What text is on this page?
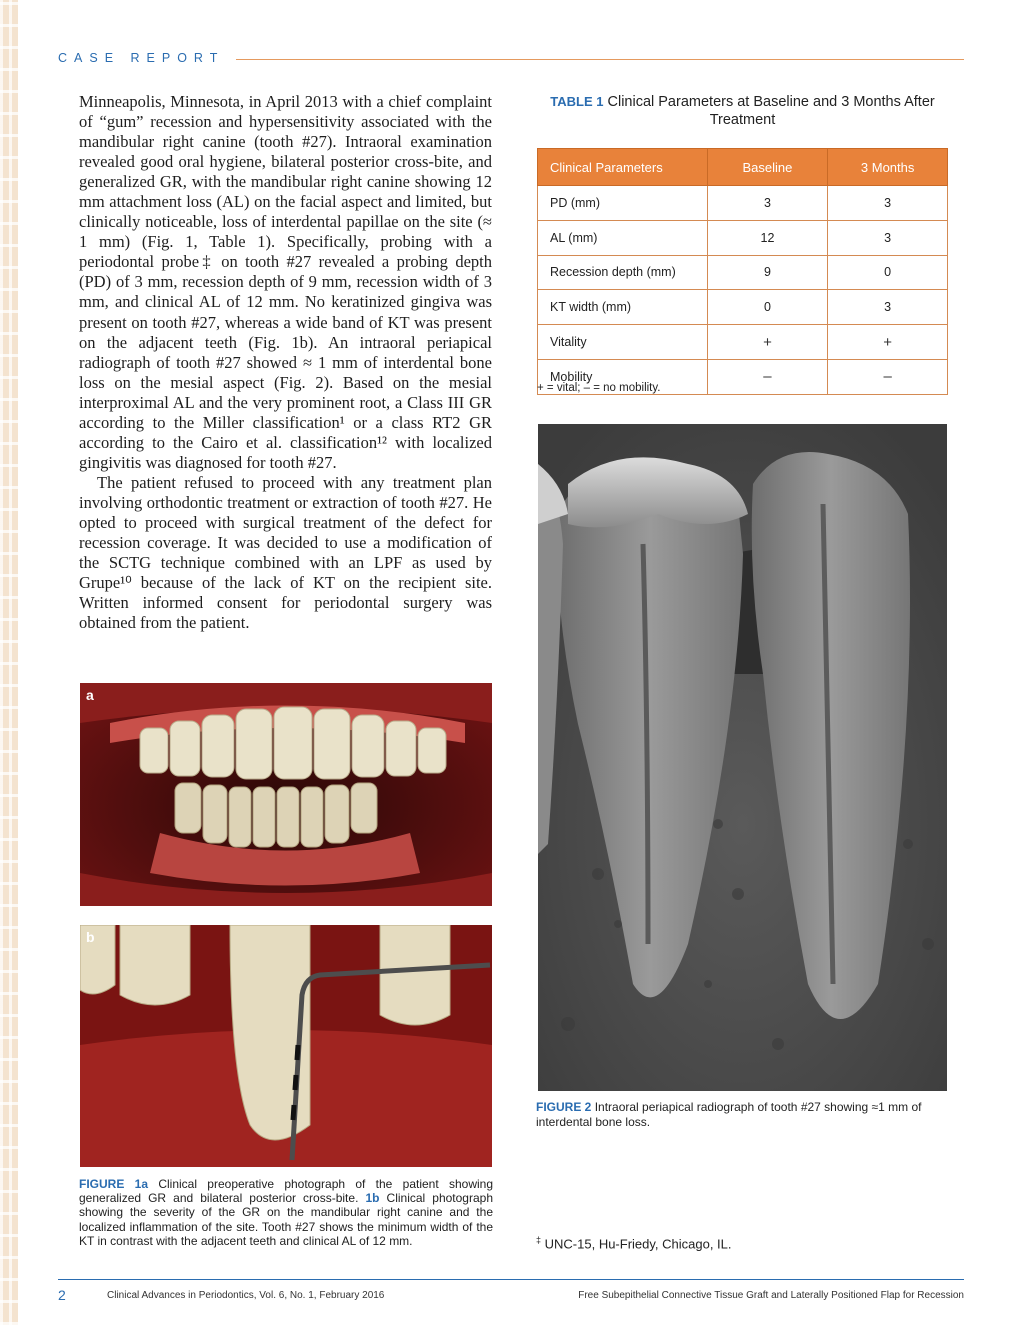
CASE REPORT

Minneapolis, Minnesota, in April 2013 with a chief complaint of “gum” recession and hypersensitivity associated with the mandibular right canine (tooth #27). Intraoral examination revealed good oral hygiene, bilateral posterior cross-bite, and generalized GR, with the mandibular right canine showing 12 mm attachment loss (AL) on the facial aspect and limited, but clinically noticeable, loss of interdental papillae on the site (≈ 1 mm) (Fig. 1, Table 1). Specifically, probing with a periodontal probe‡ on tooth #27 revealed a probing depth (PD) of 3 mm, recession depth of 9 mm, recession width of 3 mm, and clinical AL of 12 mm. No keratinized gingiva was present on tooth #27, whereas a wide band of KT was present on the adjacent teeth (Fig. 1b). An intraoral periapical radiograph of tooth #27 showed ≈ 1 mm of interdental bone loss on the mesial aspect (Fig. 2). Based on the mesial interproximal AL and the very prominent root, a Class III GR according to the Miller classification¹ or a class RT2 GR according to the Cairo et al. classification¹² with localized gingivitis was diagnosed for tooth #27.

The patient refused to proceed with any treatment plan involving orthodontic treatment or extraction of tooth #27. He opted to proceed with surgical treatment of the defect for recession coverage. It was decided to use a modification of the SCTG technique combined with an LPF as used by Grupe¹⁰ because of the lack of KT on the recipient site. Written informed consent for periodontal surgery was obtained from the patient.

TABLE 1 Clinical Parameters at Baseline and 3 Months After Treatment
Clinical Parameters	Baseline	3 Months
PD (mm)	3	3
AL (mm)	12	3
Recession depth (mm)	9	0
KT width (mm)	0	3
Vitality	+	+
Mobility	–	–
+ = vital; – = no mobility.
FIGURE 2 Intraoral periapical radiograph of tooth #27 showing ≈1 mm of interdental bone loss.
a
b
FIGURE 1a Clinical preoperative photograph of the patient showing generalized GR and bilateral posterior cross-bite. 1b Clinical photograph showing the severity of the GR on the mandibular right canine and the localized inflammation of the site. Tooth #27 shows the minimum width of the KT in contrast with the adjacent teeth and clinical AL of 12 mm.	‡ UNC-15, Hu-Friedy, Chicago, IL.
2	Clinical Advances in Periodontics, Vol. 6, No. 1, February 2016	Free Subepithelial Connective Tissue Graft and Laterally Positioned Flap for Recession
